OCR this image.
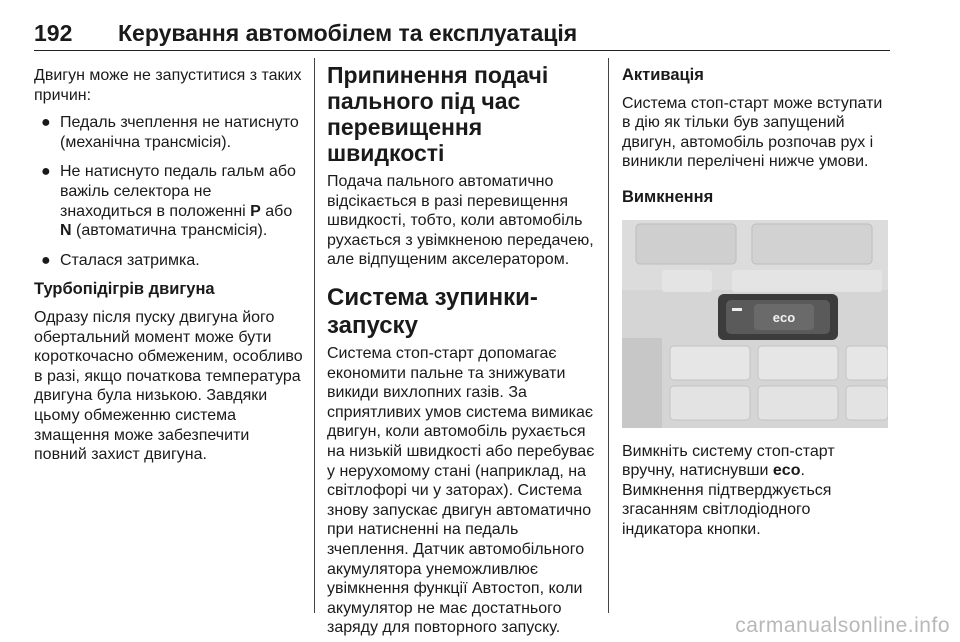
192 Керування автомобілем та експлуатація

Двигун може не запуститися з таких причин:

● Педаль зчеплення не натиснуто (механічна трансмісія).
● Не натиснуто педаль гальм або важіль селектора не знаходиться в положенні P або
N (автоматична трансмісія).
● Сталася затримка.

Турбопідігрів двигуна

Одразу після пуску двигуна його обертальний момент може бути короткочасно обмеженим, особливо в разі, якщо початкова температура двигуна була низькою. Завдяки цьому обмеженню система змащення може забезпечити повний захист двигуна.

Припинення подачі пального під час перевищення швидкості

Подача пального автоматично відсікається в разі перевищення швидкості, тобто, коли автомобіль рухається з увімкненою передачею, але відпущеним акселератором.

Система зупинки-запуску

Система стоп-старт допомагає економити пальне та знижувати викиди вихлопних газів. За сприятливих умов система вимикає двигун, коли автомобіль рухається на низькій швидкості або перебуває у нерухомому стані (наприклад, на світлофорі чи у заторах). Система знову запускає двигун автоматично при натисненні на педаль зчеплення. Датчик автомобільного акумулятора унеможливлює увімкнення функції Автостоп, коли акумулятор не має достатнього заряду для повторного запуску.

Активація

Система стоп-старт може вступати в дію як тільки був запущений двигун, автомобіль розпочав рух і виникли перелічені нижче умови.

Вимкнення

eco

Вимкніть систему стоп-старт вручну, натиснувши eco. Вимкнення підтверджується згасанням світлодіодного індикатора кнопки.

carmanualsonline.info
